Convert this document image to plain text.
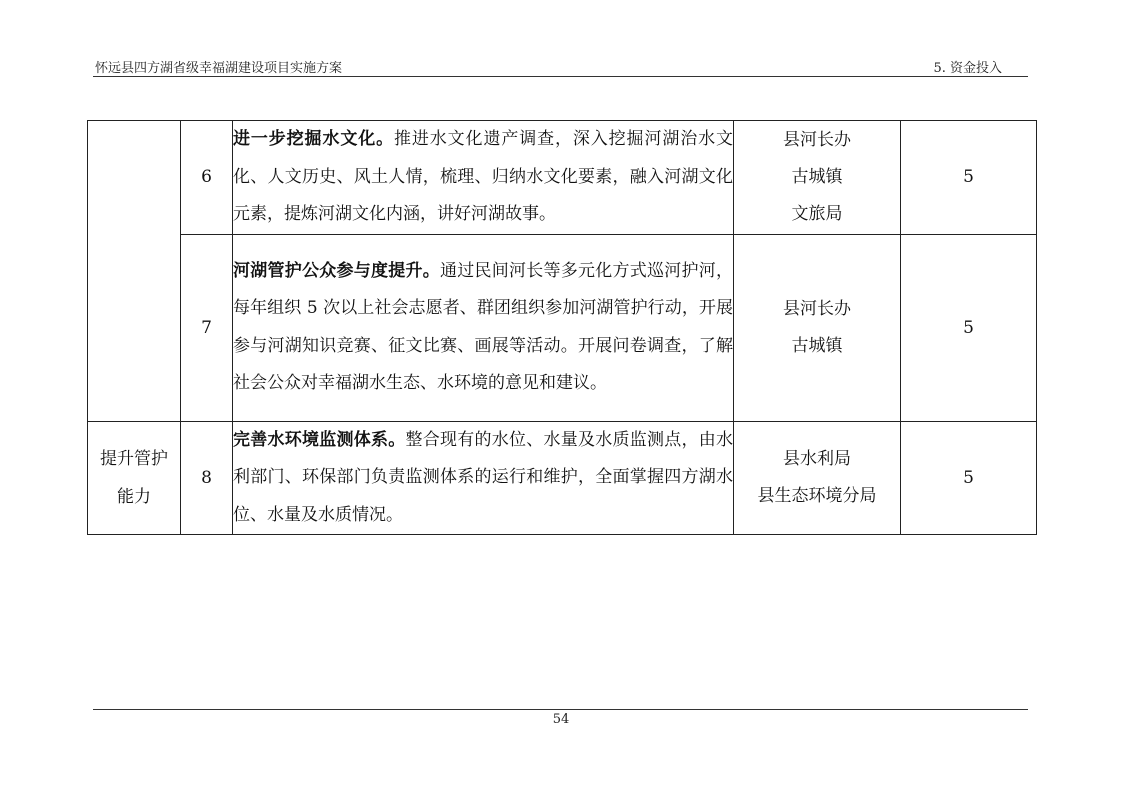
怀远县四方湖省级幸福湖建设项目实施方案	5. 资金投入
	6	进一步挖掘水文化。推进水文化遗产调查，深入挖掘河湖治水文化、人文历史、风土人情，梳理、归纳水文化要素，融入河湖文化元素，提炼河湖文化内涵，讲好河湖故事。	县河长办
古城镇
文旅局	5
	7	河湖管护公众参与度提升。通过民间河长等多元化方式巡河护河，每年组织 5 次以上社会志愿者、群团组织参加河湖管护行动，开展参与河湖知识竞赛、征文比赛、画展等活动。开展问卷调查，了解社会公众对幸福湖水生态、水环境的意见和建议。	县河长办
古城镇	5

提升管护
能力	8	完善水环境监测体系。整合现有的水位、水量及水质监测点，由水利部门、环保部门负责监测体系的运行和维护，全面掌握四方湖水位、水量及水质情况。	县水利局
县生态环境分局	5
54
